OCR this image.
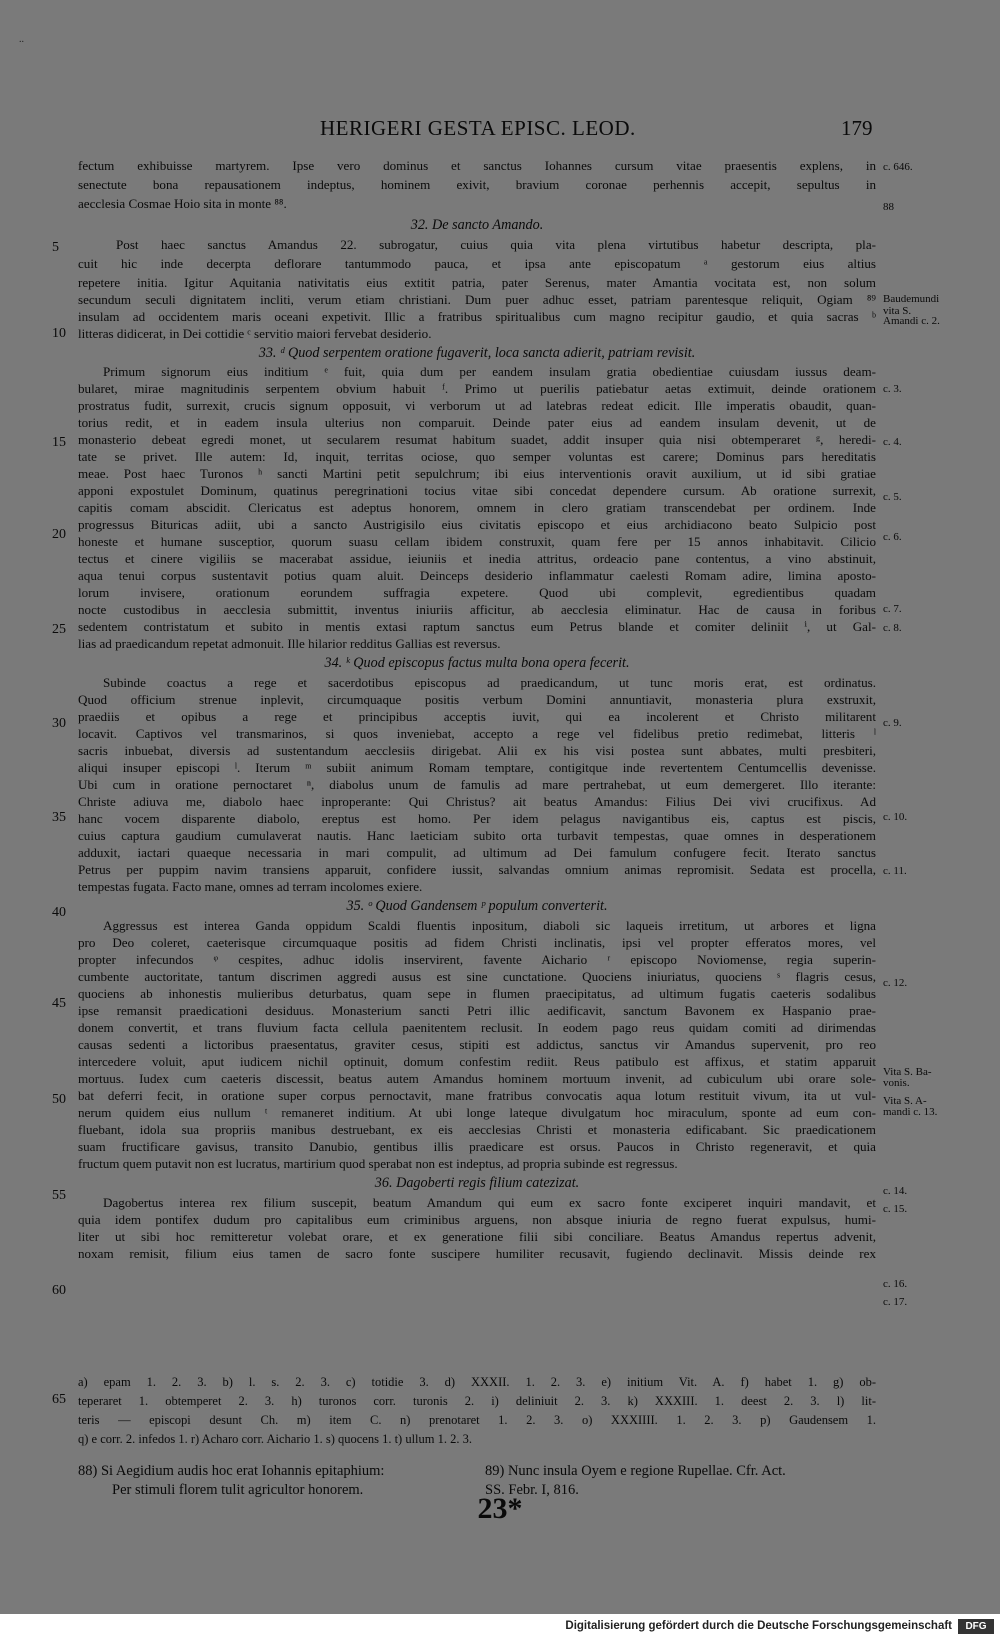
..
HERIGERI GESTA EPISC. LEOD.	179
fectum exhibuisse martyrem. Ipse vero dominus et sanctus Iohannes cursum vitae praesentis explens, in
senectute bona repausationem indeptus, hominem exivit, bravium coronae perhennis accepit, sepultus in
aecclesia Cosmae Hoio sita in monte ⁸⁸.
32. De sancto Amando.
Post haec sanctus Amandus 22. subrogatur, cuius quia vita plena virtutibus habetur descripta, pla-
cuit hic inde decerpta deflorare tantummodo pauca, et ipsa ante episcopatum ᵃ gestorum eius altius
repetere initia. Igitur Aquitania nativitatis eius extitit patria, pater Serenus, mater Amantia vocitata est, non solum
secundum seculi dignitatem incliti, verum etiam christiani. Dum puer adhuc esset, patriam parentesque reliquit, Ogiam ⁸⁹
insulam ad occidentem maris oceani expetivit. Illic a fratribus spiritualibus cum magno recipitur gaudio, et quia sacras ᵇ
litteras didicerat, in Dei cottidie ᶜ servitio maiori fervebat desiderio.
33. ᵈ Quod serpentem oratione fugaverit, loca sancta adierit, patriam revisit.
Primum signorum eius inditium ᵉ fuit, quia dum per eandem insulam gratia obedientiae cuiusdam iussus deam-
bularet, mirae magnitudinis serpentem obvium habuit ᶠ. Primo ut puerilis patiebatur aetas extimuit, deinde orationem
prostratus fudit, surrexit, crucis signum opposuit, vi verborum ut ad latebras redeat edicit. Ille imperatis obaudit, quan-
torius redit, et in eadem insula ulterius non comparuit. Deinde pater eius ad eandem insulam devenit, ut de
monasterio debeat egredi monet, ut secularem resumat habitum suadet, addit insuper quia nisi obtemperaret ᵍ, heredi-
tate se privet. Ille autem: Id, inquit, territas ociose, quo semper voluntas est carere; Dominus pars hereditatis
meae. Post haec Turonos ʰ sancti Martini petit sepulchrum; ibi eius interventionis oravit auxilium, ut id sibi gratiae
apponi expostulet Dominum, quatinus peregrinationi tocius vitae sibi concedat dependere cursum. Ab oratione surrexit,
capitis comam abscidit. Clericatus est adeptus honorem, omnem in clero gratiam transcendebat per ordinem. Inde
progressus Bituricas adiit, ubi a sancto Austrigisilo eius civitatis episcopo et eius archidiacono beato Sulpicio post
honeste et humane susceptior, quorum suasu cellam ibidem construxit, quam fere per 15 annos inhabitavit. Cilicio
tectus et cinere vigiliis se macerabat assidue, ieiuniis et inedia attritus, ordeacio pane contentus, a vino abstinuit,
aqua tenui corpus sustentavit potius quam aluit. Deinceps desiderio inflammatur caelesti Romam adire, limina aposto-
lorum invisere, orationum eorundem suffragia expetere. Quod ubi complevit, egredientibus quadam
nocte custodibus in aecclesia submittit, inventus iniuriis afficitur, ab aecclesia eliminatur. Hac de causa in foribus
sedentem contristatum et subito in mentis extasi raptum sanctus eum Petrus blande et comiter deliniit ⁱ, ut Gal-
lias ad praedicandum repetat admonuit. Ille hilarior redditus Gallias est reversus.
34. ᵏ Quod episcopus factus multa bona opera fecerit.
Subinde coactus a rege et sacerdotibus episcopus ad praedicandum, ut tunc moris erat, est ordinatus.
Quod officium strenue inplevit, circumquaque positis verbum Domini annuntiavit, monasteria plura exstruxit,
praediis et opibus a rege et principibus acceptis iuvit, qui ea incolerent et Christo militarent
locavit. Captivos vel transmarinos, si quos inveniebat, accepto a rege vel fidelibus pretio redimebat, litteris ˡ
sacris inbuebat, diversis ad sustentandum aecclesiis dirigebat. Alii ex his visi postea sunt abbates, multi presbiteri,
aliqui insuper episcopi ˡ. Iterum ᵐ subiit animum Romam temptare, contigitque inde revertentem Centumcellis devenisse.
Ubi cum in oratione pernoctaret ⁿ, diabolus unum de famulis ad mare pertrahebat, ut eum demergeret. Illo iterante:
Christe adiuva me, diabolo haec inproperante: Qui Christus? ait beatus Amandus: Filius Dei vivi crucifixus. Ad
hanc vocem disparente diabolo, ereptus est homo. Per idem pelagus navigantibus eis, captus est piscis,
cuius captura gaudium cumulaverat nautis. Hanc laeticiam subito orta turbavit tempestas, quae omnes in desperationem
adduxit, iactari quaeque necessaria in mari compulit, ad ultimum ad Dei famulum confugere fecit. Iterato sanctus
Petrus per puppim navim transiens apparuit, confidere iussit, salvandas omnium animas repromisit. Sedata est procella,
tempestas fugata. Facto mane, omnes ad terram incolomes exiere.
35. ᵒ Quod Gandensem ᵖ populum converterit.
Aggressus est interea Ganda oppidum Scaldi fluentis inpositum, diaboli sic laqueis irretitum, ut arbores et ligna
pro Deo coleret, caeterisque circumquaque positis ad fidem Christi inclinatis, ipsi vel propter efferatos mores, vel
propter infecundos ᵠ cespites, adhuc idolis inservirent, favente Aichario ʳ episcopo Noviomense, regia superin-
cumbente auctoritate, tantum discrimen aggredi ausus est sine cunctatione. Quociens iniuriatus, quociens ˢ flagris cesus,
quociens ab inhonestis mulieribus deturbatus, quam sepe in flumen praecipitatus, ad ultimum fugatis caeteris sodalibus
ipse remansit praedicationi desiduus. Monasterium sancti Petri illic aedificavit, sanctum Bavonem ex Haspanio prae-
donem convertit, et trans fluvium facta cellula paenitentem reclusit. In eodem pago reus quidam comiti ad dirimendas
causas sedenti a lictoribus praesentatus, graviter cesus, stipiti est addictus, sanctus vir Amandus supervenit, pro reo
intercedere voluit, aput iudicem nichil optinuit, domum confestim rediit. Reus patibulo est affixus, et statim apparuit
mortuus. Iudex cum caeteris discessit, beatus autem Amandus hominem mortuum invenit, ad cubiculum ubi orare sole-
bat deferri fecit, in oratione super corpus pernoctavit, mane fratribus convocatis aqua lotum restituit vivum, ita ut vul-
nerum quidem eius nullum ᵗ remaneret inditium. At ubi longe lateque divulgatum hoc miraculum, sponte ad eum con-
fluebant, idola sua propriis manibus destruebant, ex eis aecclesias Christi et monasteria edificabant. Sic praedicationem
suam fructificare gavisus, transito Danubio, gentibus illis praedicare est orsus. Paucos in Christo regeneravit, et quia
fructum quem putavit non est lucratus, martirium quod sperabat non est indeptus, ad propria subinde est regressus.
36. Dagoberti regis filium catezizat.
Dagobertus interea rex filium suscepit, beatum Amandum qui eum ex sacro fonte exciperet inquiri mandavit, et
quia idem pontifex dudum pro capitalibus eum criminibus arguens, non absque iniuria de regno fuerat expulsus, humi-
liter ut sibi hoc remitteretur volebat orare, et ex generatione filii sibi conciliare. Beatus Amandus repertus advenit,
noxam remisit, filium eius tamen de sacro fonte suscipere humiliter recusavit, fugiendo declinavit. Missis deinde rex
5
10
15
20
25
30
35
40
45
50
55
60
65
c. 646.
88
Baudemundi
vita S.
Amandi c. 2.
c. 3.
c. 4.
c. 5.
c. 6.
c. 7.
c. 8.
c. 9.
c. 10.
c. 11.
c. 12.
Vita S. Ba-
vonis.
Vita S. A-
mandi c. 13.
c. 14.
c. 15.
c. 16.
c. 17.
a) epam 1. 2. 3. b) l. s. 2. 3. c) totidie 3. d) XXXII. 1. 2. 3. e) initium Vit. A. f) habet 1. g) ob-
teperaret 1. obtemperet 2. 3. h) turonos corr. turonis 2. i) deliniuit 2. 3. k) XXXIII. 1. deest 2. 3. l) lit-
teris — episcopi desunt Ch. m) item C. n) prenotaret 1. 2. 3. o) XXXIIII. 1. 2. 3. p) Gaudensem 1.
q) e corr. 2. infedos 1. r) Acharo corr. Aichario 1. s) quocens 1. t) ullum 1. 2. 3.
88) Si Aegidium audis hoc erat Iohannis epitaphium:
Per stimuli florem tulit agricultor honorem.
89) Nunc insula Oyem e regione Rupellae. Cfr. Act.
SS. Febr. I, 816.
23*
Digitalisierung gefördert durch die Deutsche Forschungsgemeinschaft	DFG
